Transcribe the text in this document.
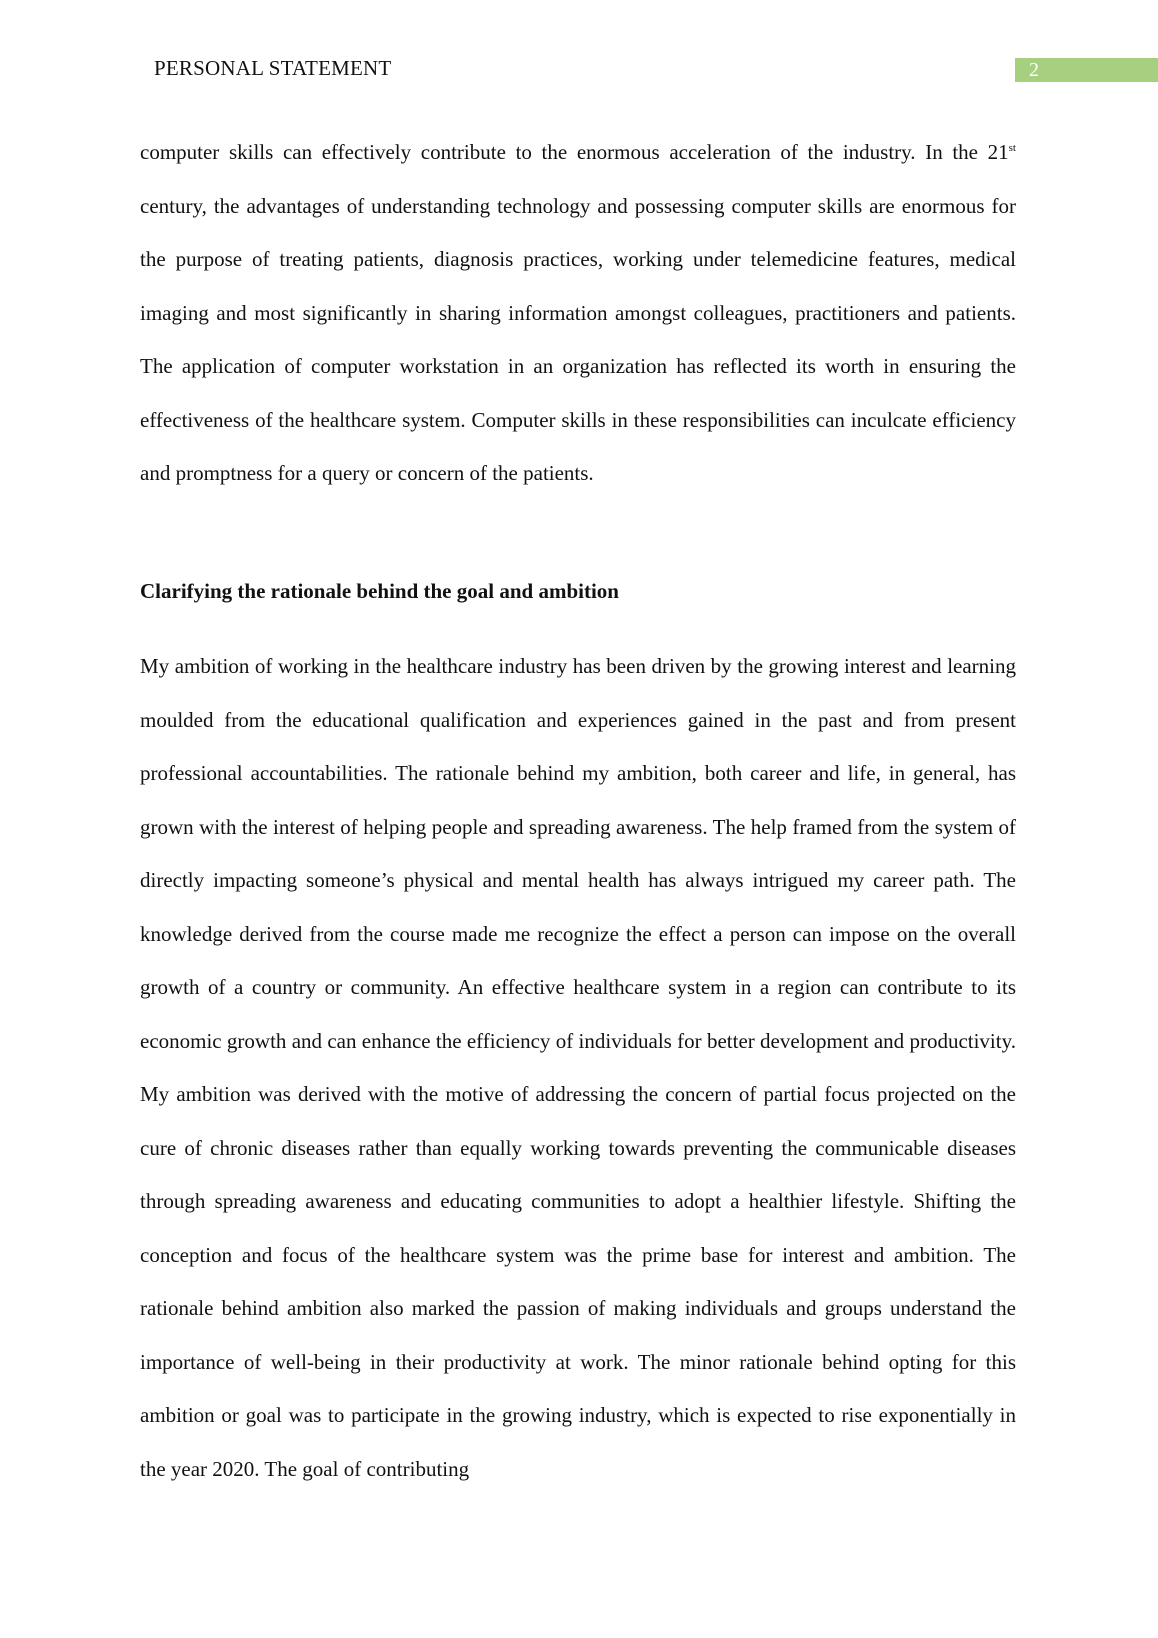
PERSONAL STATEMENT	2

computer skills can effectively contribute to the enormous acceleration of the industry. In the 21st century, the advantages of understanding technology and possessing computer skills are enormous for the purpose of treating patients, diagnosis practices, working under telemedicine features, medical imaging and most significantly in sharing information amongst colleagues, practitioners and patients. The application of computer workstation in an organization has reflected its worth in ensuring the effectiveness of the healthcare system. Computer skills in these responsibilities can inculcate efficiency and promptness for a query or concern of the patients.

Clarifying the rationale behind the goal and ambition

My ambition of working in the healthcare industry has been driven by the growing interest and learning moulded from the educational qualification and experiences gained in the past and from present professional accountabilities. The rationale behind my ambition, both career and life, in general, has grown with the interest of helping people and spreading awareness. The help framed from the system of directly impacting someone’s physical and mental health has always intrigued my career path. The knowledge derived from the course made me recognize the effect a person can impose on the overall growth of a country or community. An effective healthcare system in a region can contribute to its economic growth and can enhance the efficiency of individuals for better development and productivity. My ambition was derived with the motive of addressing the concern of partial focus projected on the cure of chronic diseases rather than equally working towards preventing the communicable diseases through spreading awareness and educating communities to adopt a healthier lifestyle. Shifting the conception and focus of the healthcare system was the prime base for interest and ambition. The rationale behind ambition also marked the passion of making individuals and groups understand the importance of well-being in their productivity at work. The minor rationale behind opting for this ambition or goal was to participate in the growing industry, which is expected to rise exponentially in the year 2020. The goal of contributing
